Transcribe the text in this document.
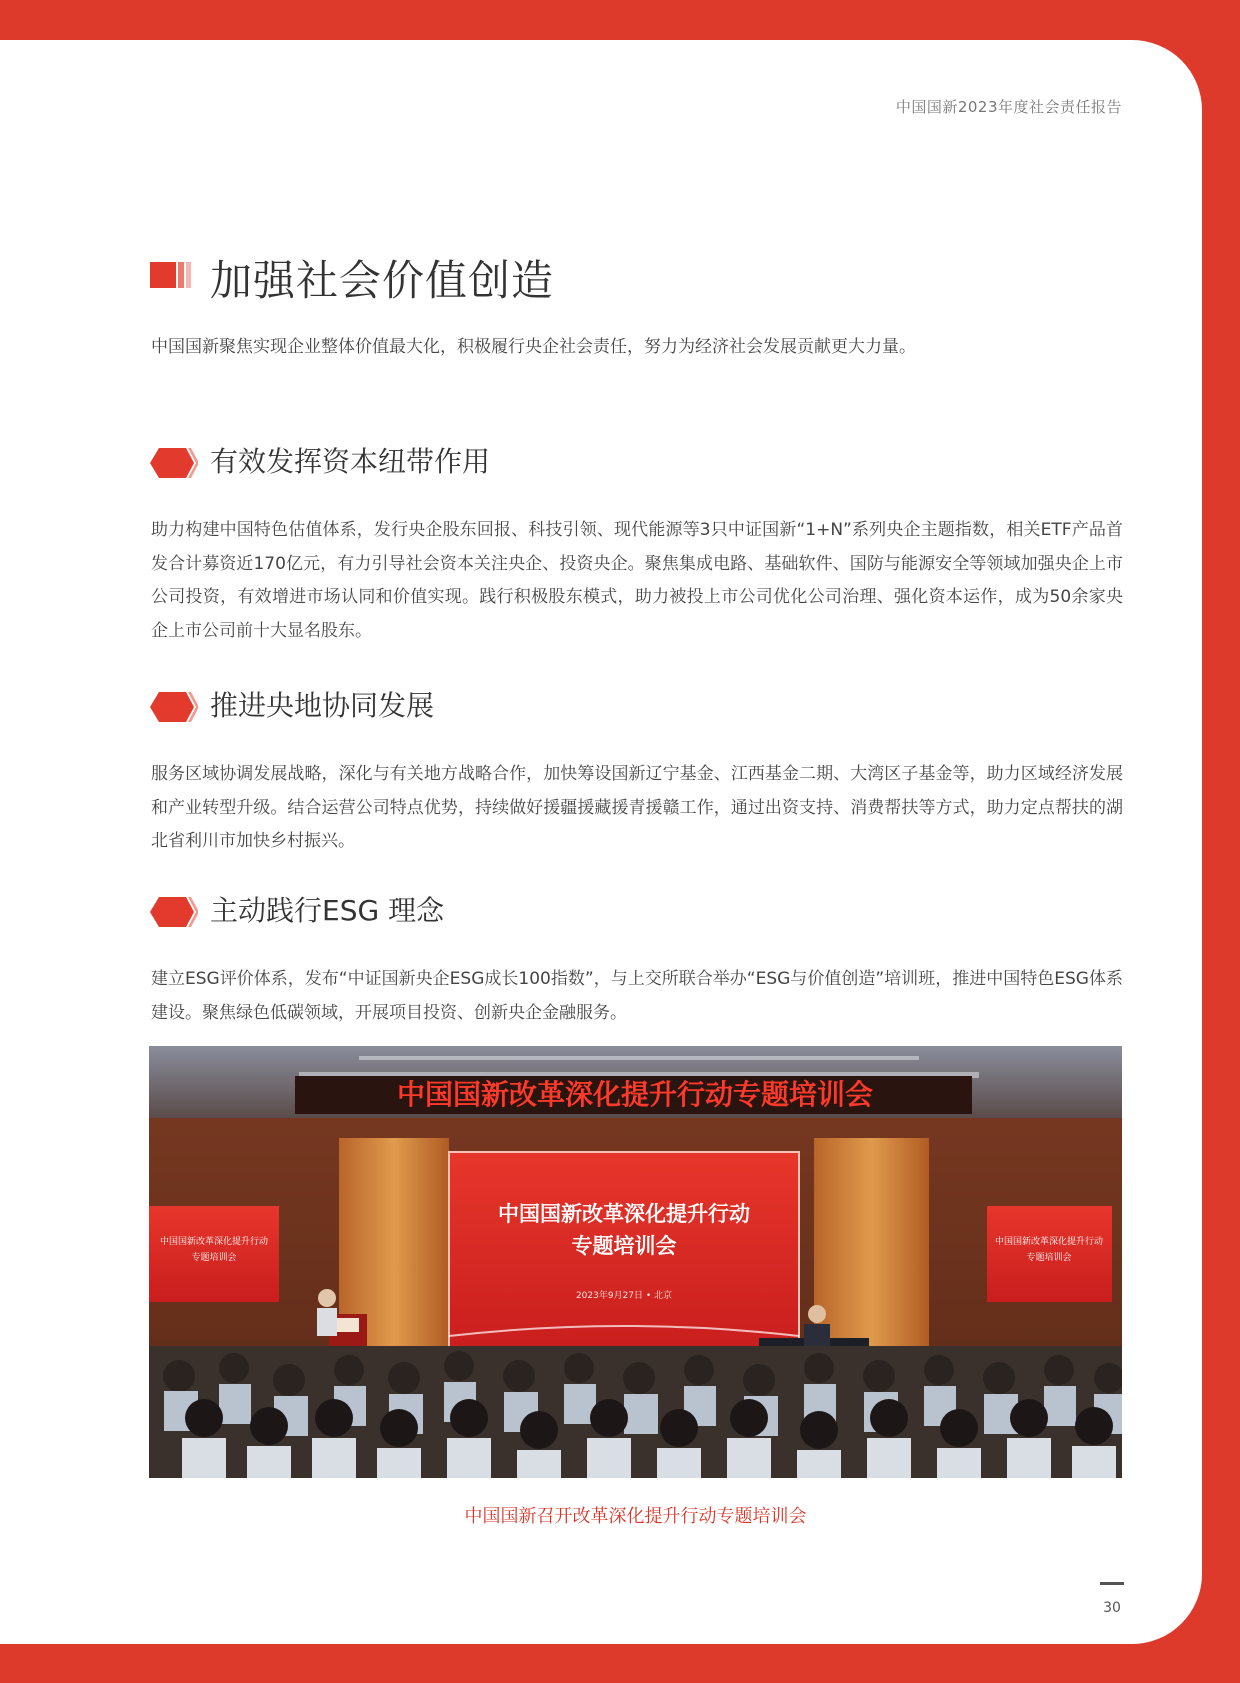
中国国新2023年度社会责任报告
加强社会价值创造

中国国新聚焦实现企业整体价值最大化，积极履行央企社会责任，努力为经济社会发展贡献更大力量。

有效发挥资本纽带作用

助力构建中国特色估值体系，发行央企股东回报、科技引领、现代能源等3只中证国新“1+N”系列央企主题指数，相关ETF产品首发合计募资近170亿元，有力引导社会资本关注央企、投资央企。聚焦集成电路、基础软件、国防与能源安全等领域加强央企上市公司投资，有效增进市场认同和价值实现。践行积极股东模式，助力被投上市公司优化公司治理、强化资本运作，成为50余家央企上市公司前十大显名股东。

推进央地协同发展

服务区域协调发展战略，深化与有关地方战略合作，加快筹设国新辽宁基金、江西基金二期、大湾区子基金等，助力区域经济发展和产业转型升级。结合运营公司特点优势，持续做好援疆援藏援青援赣工作，通过出资支持、消费帮扶等方式，助力定点帮扶的湖北省利川市加快乡村振兴。

主动践行ESG 理念

建立ESG评价体系，发布“中证国新央企ESG成长100指数”，与上交所联合举办“ESG与价值创造”培训班，推进中国特色ESG体系建设。聚焦绿色低碳领域，开展项目投资、创新央企金融服务。

中国国新改革深化提升行动专题培训会
中国国新改革深化提升行动
专题培训会
中国国新改革深化提升行动
专题培训会
中国国新改革深化提升行动
专题培训会
2023年9月27日 • 北京

中国国新召开改革深化提升行动专题培训会

30
